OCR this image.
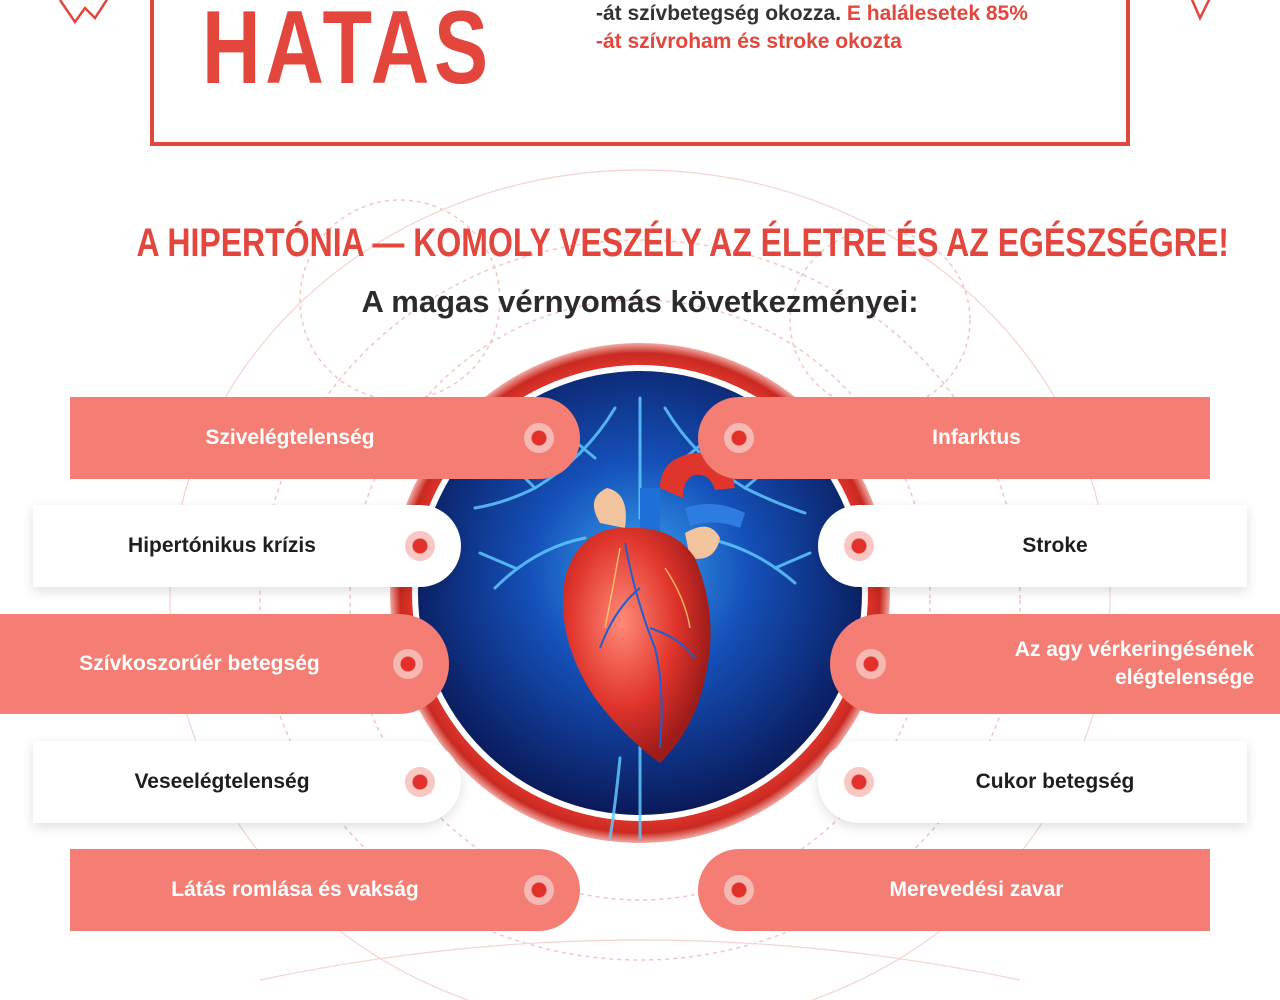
HATAS	-át szívbetegség okozza. E halálesetek 85%
-át szívroham és stroke okozta
A HIPERTÓNIA — KOMOLY VESZÉLY AZ ÉLETRE ÉS AZ EGÉSZSÉGRE!
A magas vérnyomás következményei:
Szivelégtelenség
Hipertónikus krízis
Szívkoszorúér betegség
Veseelégtelenség
Látás romlása és vakság
Infarktus
Stroke
Az agy vérkeringésének elégtelensége
Cukor betegség
Merevedési zavar
